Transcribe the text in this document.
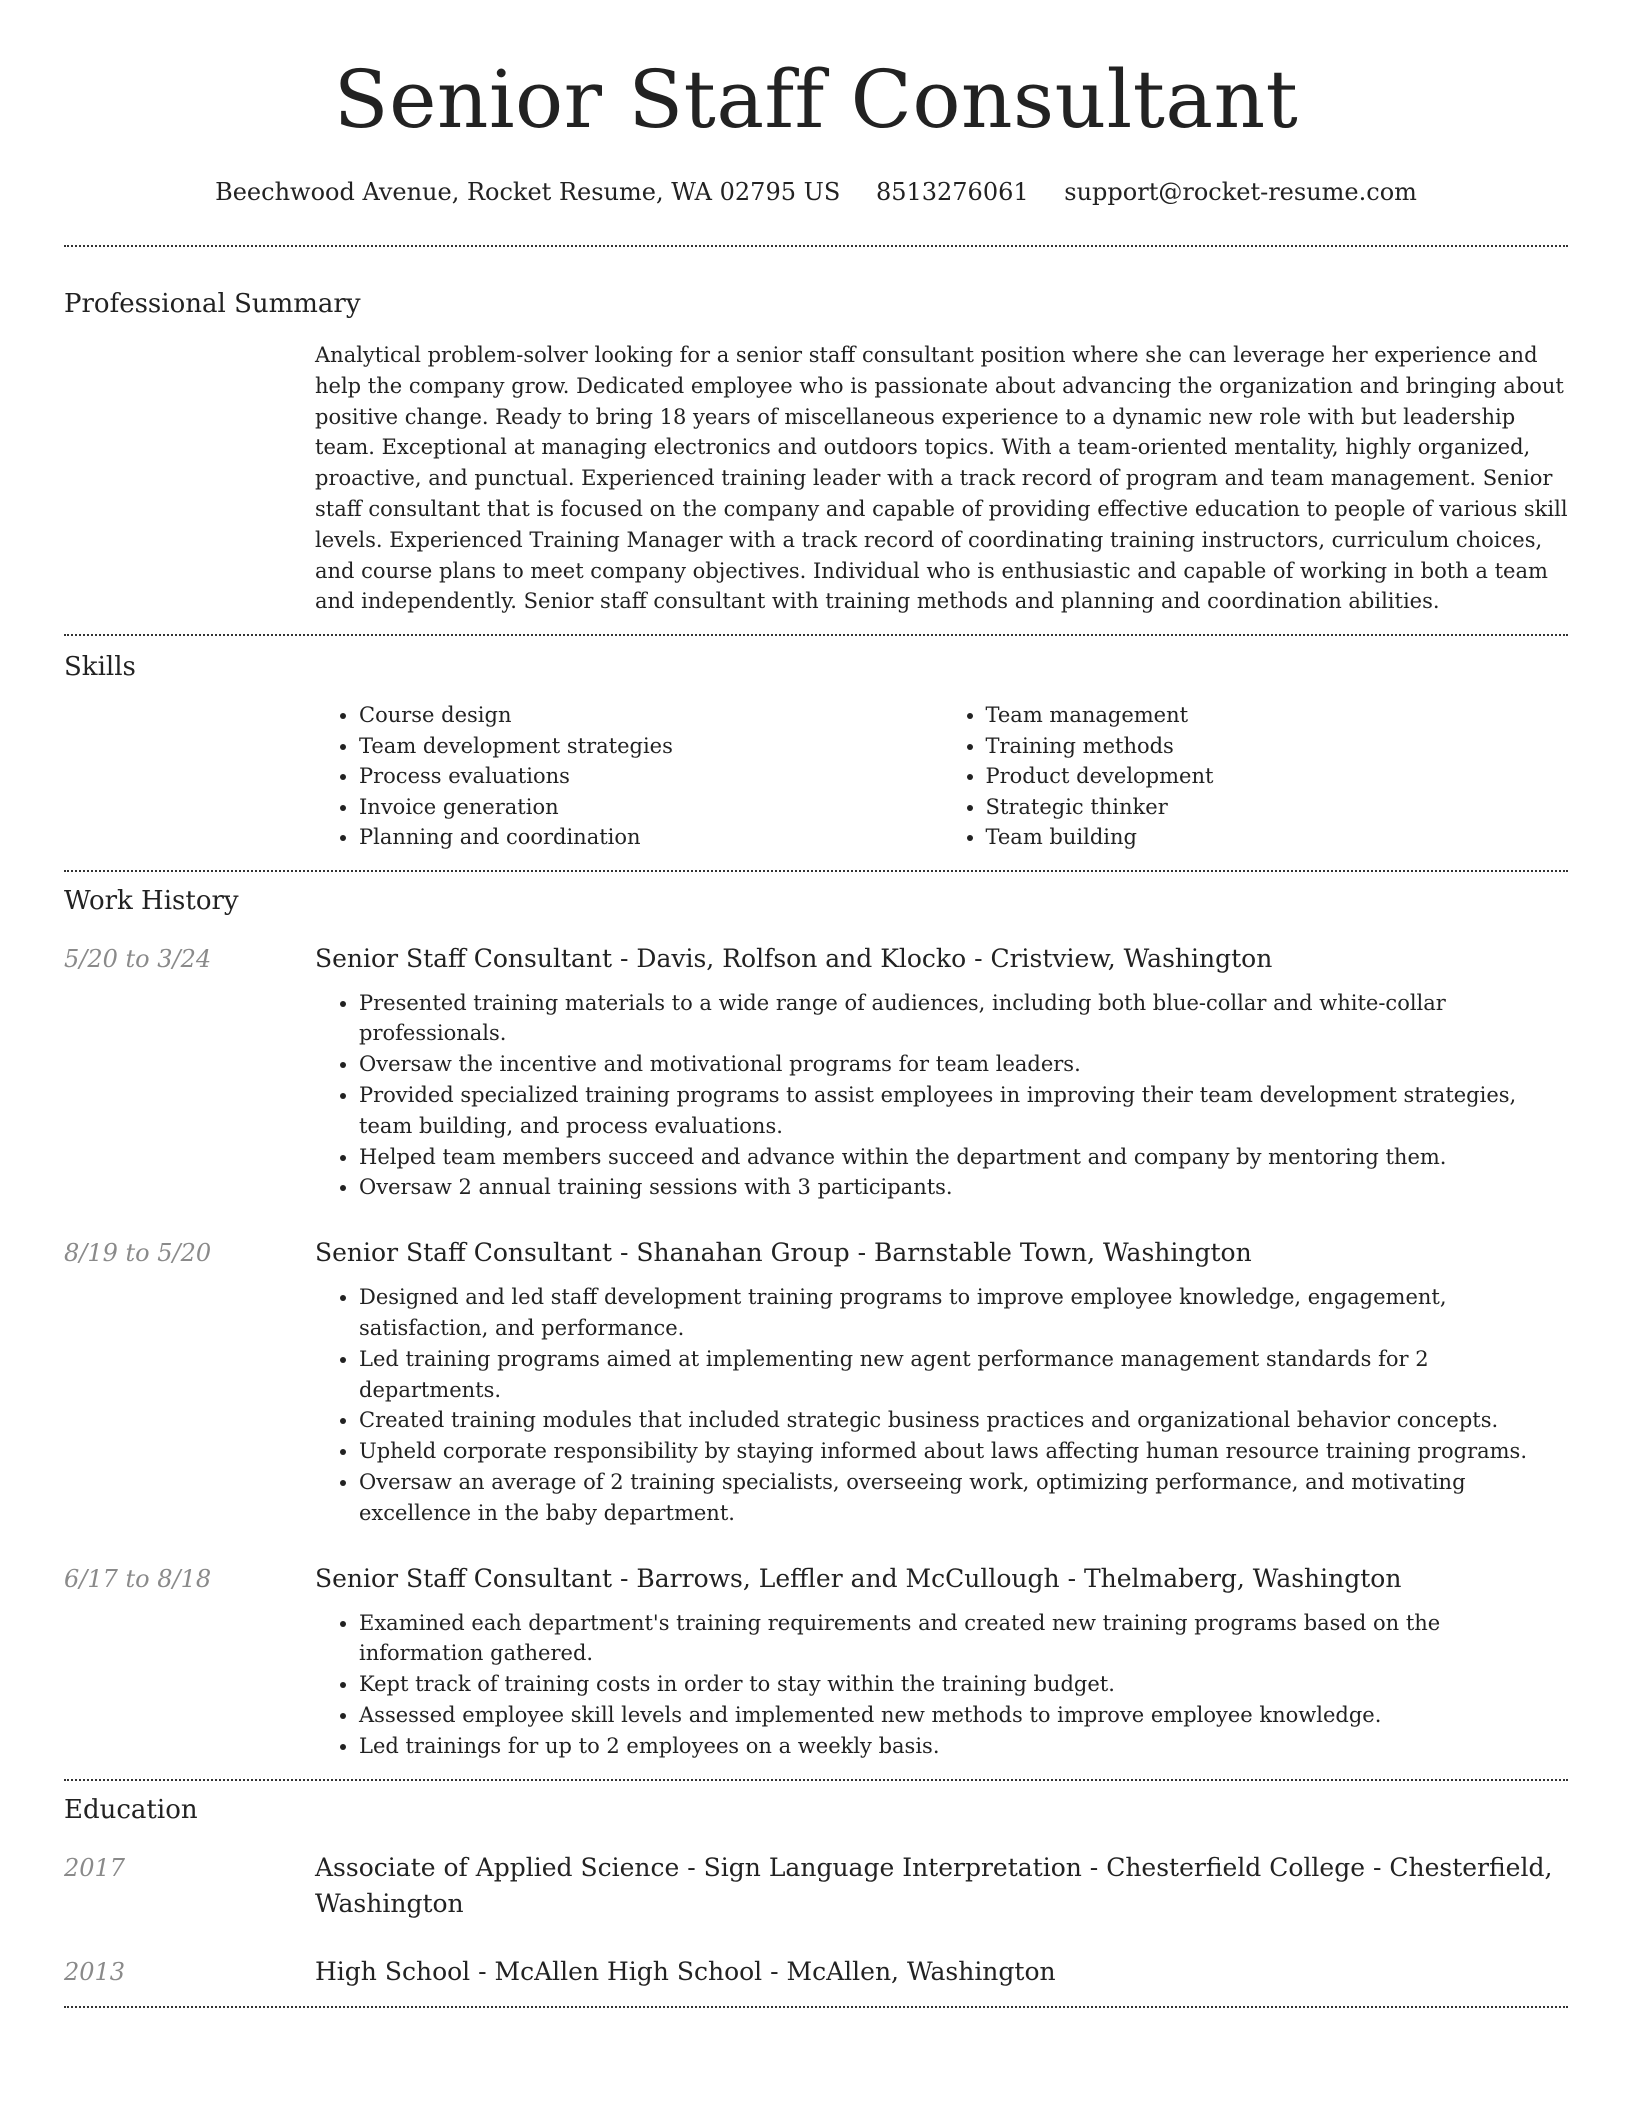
Senior Staff Consultant
Beechwood Avenue, Rocket Resume, WA 02795 US 8513276061 support@rocket-resume.com
Professional Summary
Analytical problem-solver looking for a senior staff consultant position where she can leverage her experience and help the company grow. Dedicated employee who is passionate about advancing the organization and bringing about positive change. Ready to bring 18 years of miscellaneous experience to a dynamic new role with but leadership team. Exceptional at managing electronics and outdoors topics. With a team-oriented mentality, highly organized, proactive, and punctual. Experienced training leader with a track record of program and team management. Senior staff consultant that is focused on the company and capable of providing effective education to people of various skill levels. Experienced Training Manager with a track record of coordinating training instructors, curriculum choices, and course plans to meet company objectives. Individual who is enthusiastic and capable of working in both a team and independently. Senior staff consultant with training methods and planning and coordination abilities.
Skills
• Course design
• Team development strategies
• Process evaluations
• Invoice generation
• Planning and coordination
• Team management
• Training methods
• Product development
• Strategic thinker
• Team building
Work History
5/20 to 3/24	Senior Staff Consultant - Davis, Rolfson and Klocko - Cristview, Washington
• Presented training materials to a wide range of audiences, including both blue-collar and white-collar professionals.
• Oversaw the incentive and motivational programs for team leaders.
• Provided specialized training programs to assist employees in improving their team development strategies, team building, and process evaluations.
• Helped team members succeed and advance within the department and company by mentoring them.
• Oversaw 2 annual training sessions with 3 participants.
8/19 to 5/20	Senior Staff Consultant - Shanahan Group - Barnstable Town, Washington
• Designed and led staff development training programs to improve employee knowledge, engagement, satisfaction, and performance.
• Led training programs aimed at implementing new agent performance management standards for 2 departments.
• Created training modules that included strategic business practices and organizational behavior concepts.
• Upheld corporate responsibility by staying informed about laws affecting human resource training programs.
• Oversaw an average of 2 training specialists, overseeing work, optimizing performance, and motivating excellence in the baby department.
6/17 to 8/18	Senior Staff Consultant - Barrows, Leffler and McCullough - Thelmaberg, Washington
• Examined each department's training requirements and created new training programs based on the information gathered.
• Kept track of training costs in order to stay within the training budget.
• Assessed employee skill levels and implemented new methods to improve employee knowledge.
• Led trainings for up to 2 employees on a weekly basis.
Education
2017	Associate of Applied Science - Sign Language Interpretation - Chesterfield College - Chesterfield, Washington
2013	High School - McAllen High School - McAllen, Washington
